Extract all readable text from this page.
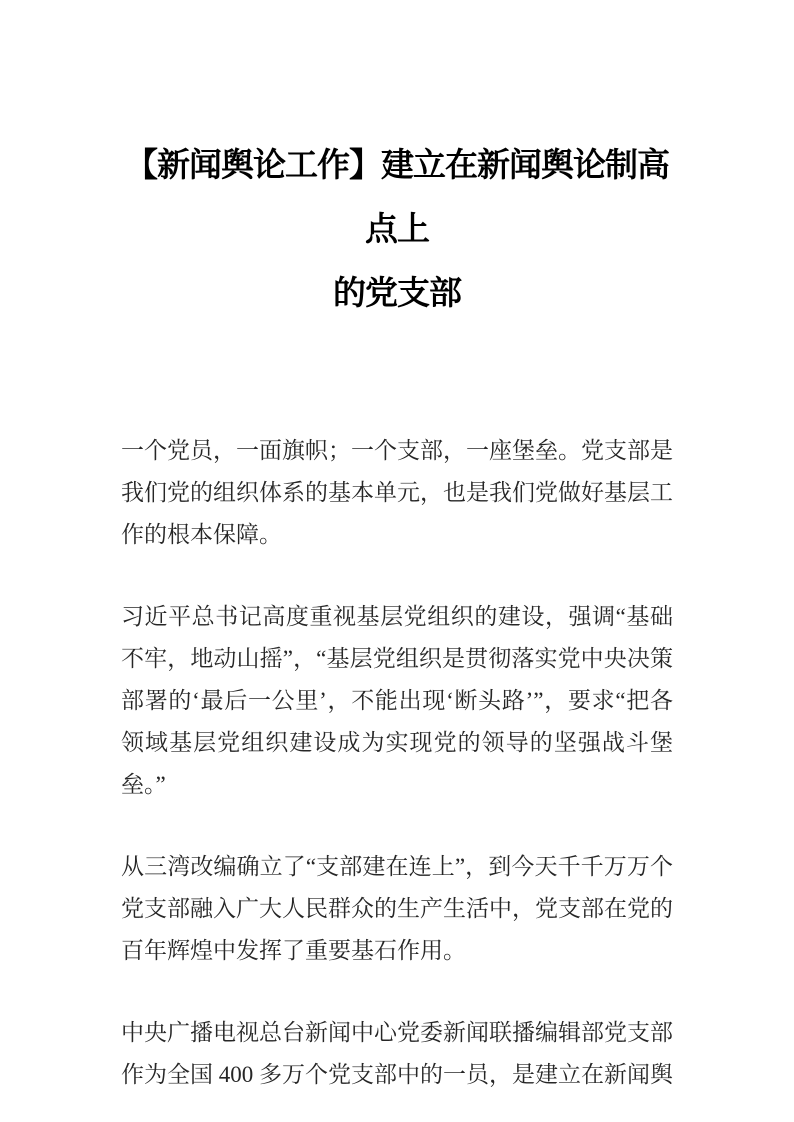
【新闻舆论工作】建立在新闻舆论制高点上
的党支部

一个党员，一面旗帜；一个支部，一座堡垒。党支部是我们党的组织体系的基本单元，也是我们党做好基层工作的根本保障。

习近平总书记高度重视基层党组织的建设，强调“基础不牢，地动山摇”，“基层党组织是贯彻落实党中央决策部署的‘最后一公里’，不能出现‘断头路’”，要求“把各领域基层党组织建设成为实现党的领导的坚强战斗堡垒。”

从三湾改编确立了“支部建在连上”，到今天千千万万个党支部融入广大人民群众的生产生活中，党支部在党的百年辉煌中发挥了重要基石作用。

中央广播电视总台新闻中心党委新闻联播编辑部党支部作为全国 400 多万个党支部中的一员，是建立在新闻舆
